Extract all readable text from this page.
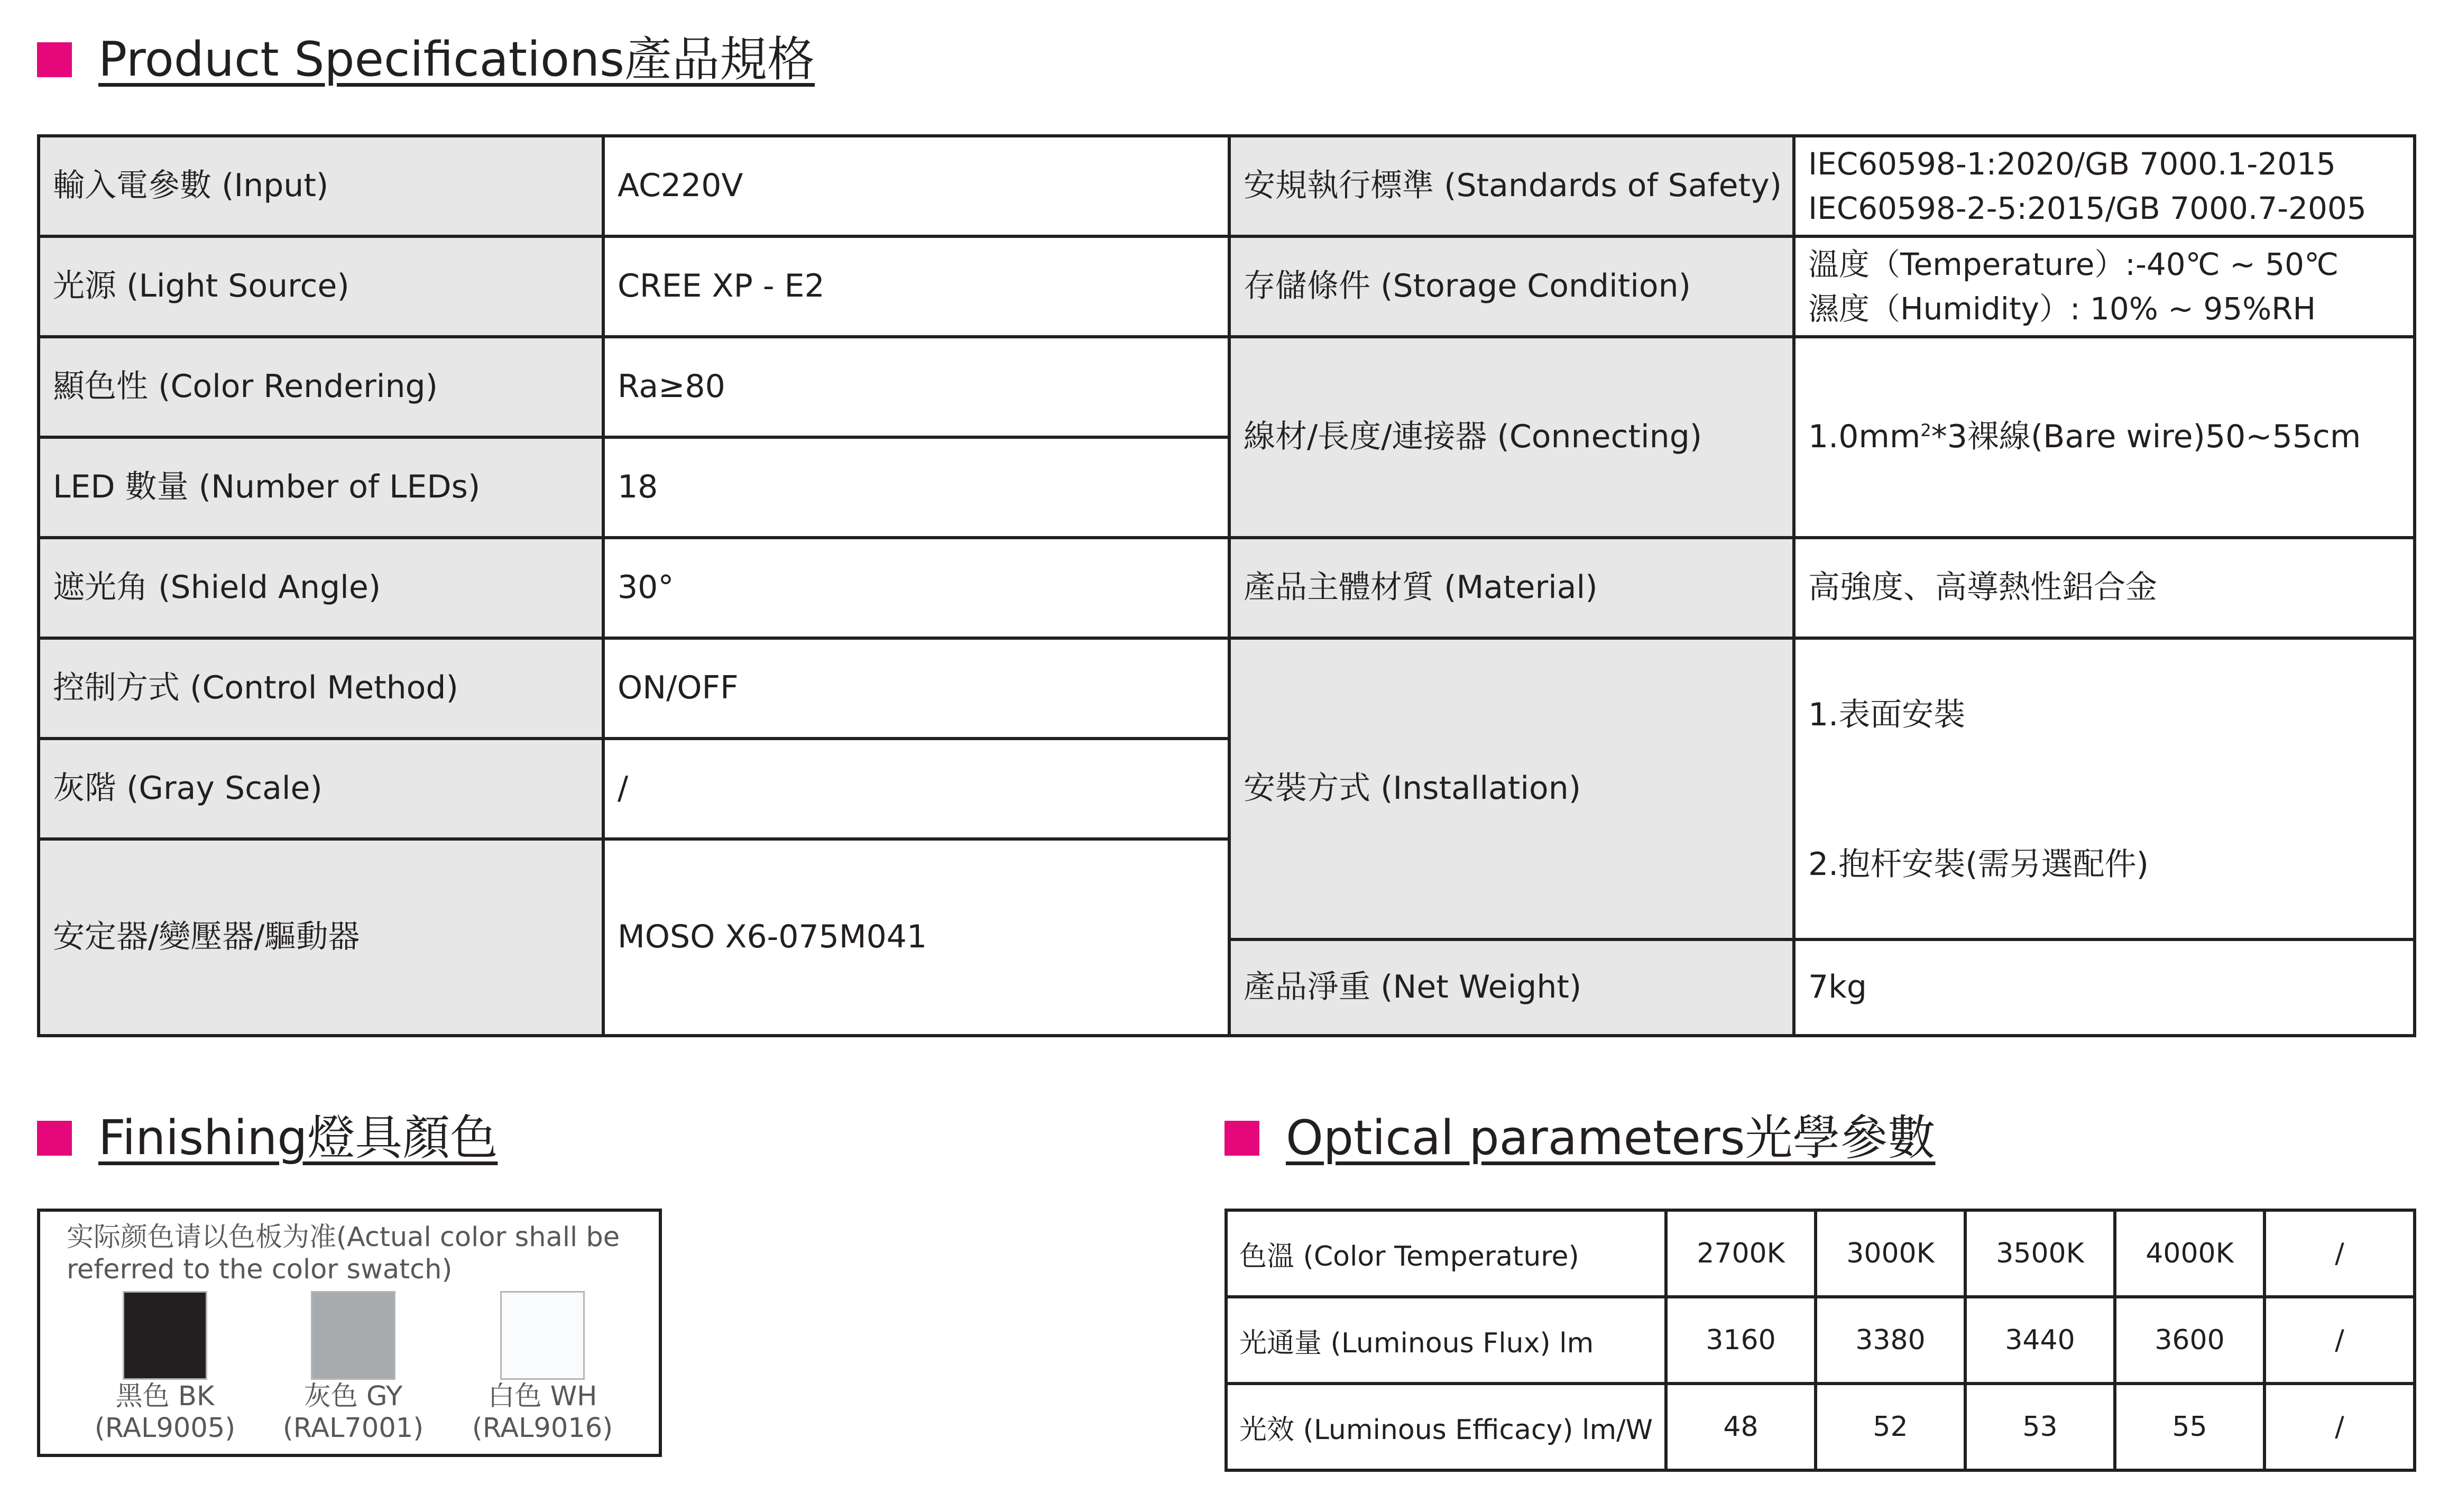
Product Specifications產品規格
輸入電參數 (Input)	AC220V	安規執行標準 (Standards of Safety)	IEC60598-1:2020/GB 7000.1-2015
IEC60598-2-5:2015/GB 7000.7-2005

光源 (Light Source)	CREE XP - E2	存儲條件 (Storage Condition)	溫度（Temperature）:-40℃ ~ 50℃
濕度（Humidity）: 10% ~ 95%RH

顯色性 (Color Rendering)	Ra≥80	線材/長度/連接器 (Connecting)	$1.0mm^2*3$裸線(Bare wire)50~55cm
LED 數量 (Number of LEDs)	18		
遮光角 (Shield Angle)	30°	產品主體材質 (Material)	高強度、高導熱性鋁合金
控制方式 (Control Method)	ON/OFF	安裝方式 (Installation)	1.表面安裝
2.抱杆安裝(需另選配件)

灰階 (Gray Scale)	/		
安定器/變壓器/驅動器	MOSO X6-075M041		
		產品淨重 (Net Weight)	7kg
Finishing燈具顏色
实际颜色请以色板为准(Actual color shall be referred to the color swatch)
黑色 BK
(RAL9005)
灰色 GY
(RAL7001)
白色 WH
(RAL9016)
Optical parameters光學參數
色溫 (Color Temperature)	2700K	3000K	3500K	4000K	/
光通量 (Luminous Flux) lm	3160	3380	3440	3600	/
光效 (Luminous Efficacy) lm/W	48	52	53	55	/
